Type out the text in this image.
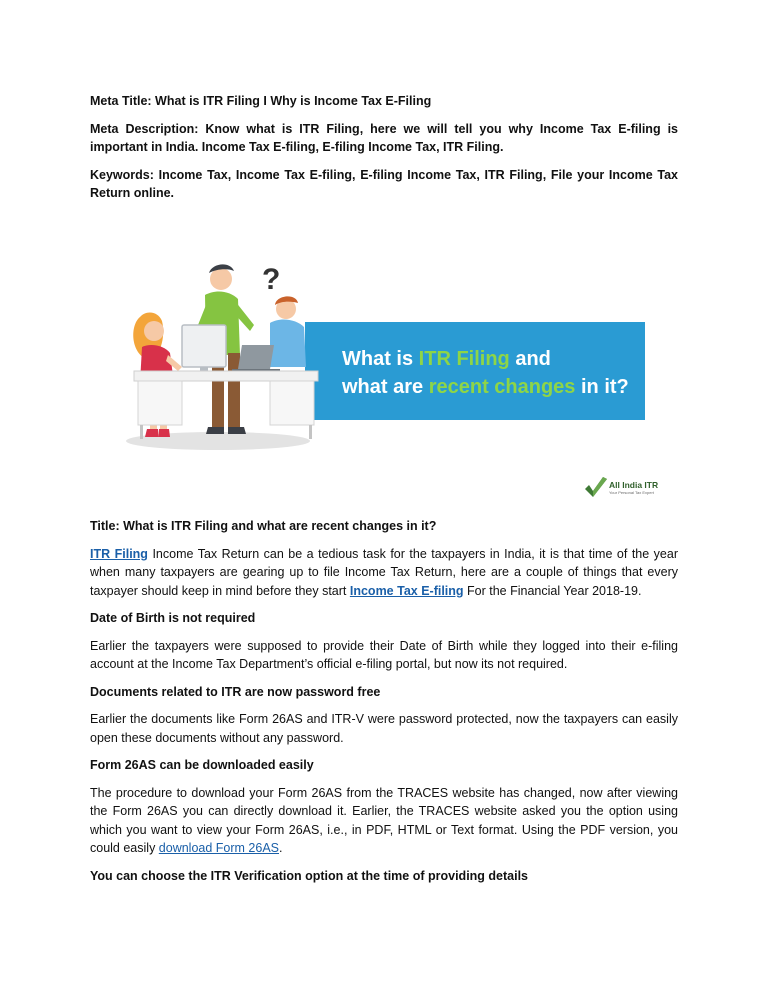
Meta Title: What is ITR Filing I Why is Income Tax E-Filing

Meta Description: Know what is ITR Filing, here we will tell you why Income Tax E-filing is important in India. Income Tax E-filing, E-filing Income Tax, ITR Filing.

Keywords: Income Tax, Income Tax E-filing, E-filing Income Tax, ITR Filing, File your Income Tax Return online.

?
What is ITR Filing and
what are recent changes in it?
All India ITR
Your Personal Tax Expert

Title: What is ITR Filing and what are recent changes in it?

ITR Filing Income Tax Return can be a tedious task for the taxpayers in India, it is that time of the year when many taxpayers are gearing up to file Income Tax Return, here are a couple of things that every taxpayer should keep in mind before they start Income Tax E-filing For the Financial Year 2018-19.

Date of Birth is not required

Earlier the taxpayers were supposed to provide their Date of Birth while they logged into their e-filing account at the Income Tax Department’s official e-filing portal, but now its not required.

Documents related to ITR are now password free

Earlier the documents like Form 26AS and ITR-V were password protected, now the taxpayers can easily open these documents without any password.

Form 26AS can be downloaded easily

The procedure to download your Form 26AS from the TRACES website has changed, now after viewing the Form 26AS you can directly download it. Earlier, the TRACES website asked you the option using which you want to view your Form 26AS, i.e., in PDF, HTML or Text format. Using the PDF version, you could easily download Form 26AS.

You can choose the ITR Verification option at the time of providing details
